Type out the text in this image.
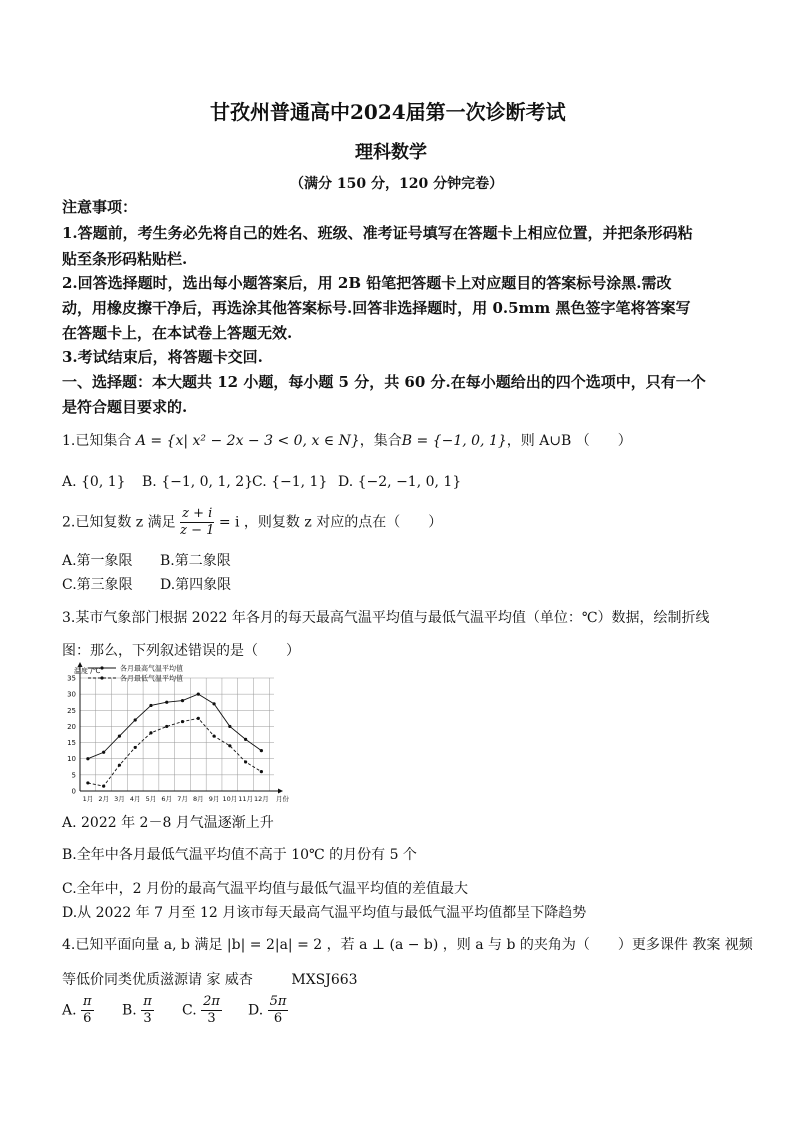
甘孜州普通高中2024届第一次诊断考试
理科数学
（满分 150 分，120 分钟完卷）
注意事项：
1.答题前，考生务必先将自己的姓名、班级、准考证号填写在答题卡上相应位置，并把条形码粘
贴至条形码粘贴栏.
2.回答选择题时，选出每小题答案后，用 2B 铅笔把答题卡上对应题目的答案标号涂黑.需改
动，用橡皮擦干净后，再选涂其他答案标号.回答非选择题时，用 0.5mm 黑色签字笔将答案写
在答题卡上，在本试卷上答题无效.
3.考试结束后，将答题卡交回.
一、选择题：本大题共 12 小题，每小题 5 分，共 60 分.在每小题给出的四个选项中，只有一个
是符合题目要求的.
1.已知集合 A = {x| x² − 2x − 3 < 0, x ∈ N}，集合B = {−1, 0, 1}，则 A∪B （　　）
A. {0, 1} B. {−1, 0, 1, 2}
C. {−1, 1} D. {−2, −1, 0, 1}
2.已知复数 z 满足 $\frac{z + i}{z - 1} = i$ ，则复数 z 对应的点在（　　）
A.第一象限 B.第二象限
C.第三象限 D.第四象限
3.某市气象部门根据 2022 年各月的每天最高气温平均值与最低气温平均值（单位：℃）数据，绘制折线
图：那么，下列叙述错误的是（　　）
0
5
10
15
20
25
30
35
1月 2月 3月 4月 5月 6月 7月 8月 9月 10月 11月 12月 月份
温度 /℃	各月最高气温平均值
各月最低气温平均值
A. 2022 年 2－8 月气温逐渐上升
B.全年中各月最低气温平均值不高于 10℃ 的月份有 5 个
C.全年中，2 月份的最高气温平均值与最低气温平均值的差值最大
D.从 2022 年 7 月至 12 月该市每天最高气温平均值与最低气温平均值都呈下降趋势
4.已知平面向量 a, b 满足 |b| = 2|a| = 2 ，若 a ⊥ (a − b) ，则 a 与 b 的夹角为（　　）更多课件 教案 视频
等低价同类优质滋源请 家 威杏	MXSJ663
A. $\frac{\pi}{6} B$. $\frac{\pi}{3} C$. $\frac{2\pi}{3} D$. $\frac{5\pi}{6}$
